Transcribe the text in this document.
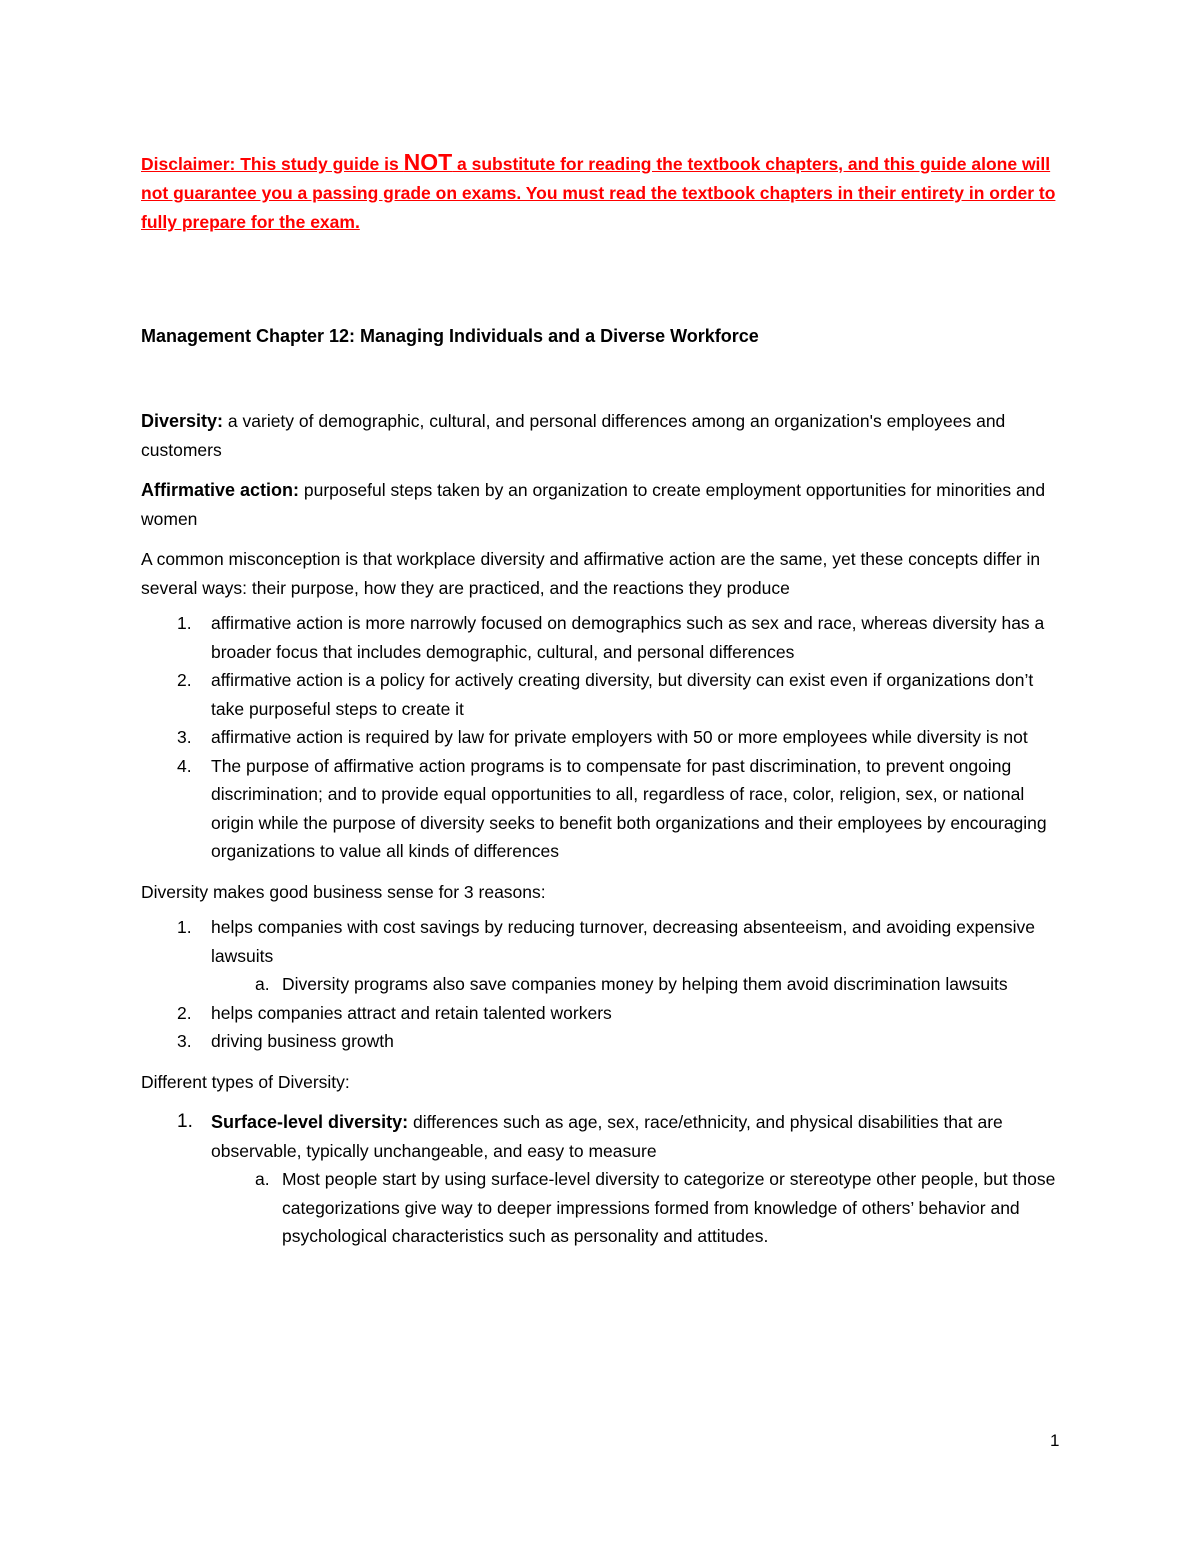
Disclaimer: This study guide is NOT a substitute for reading the textbook chapters, and this guide alone will not guarantee you a passing grade on exams. You must read the textbook chapters in their entirety in order to fully prepare for the exam.

Management Chapter 12: Managing Individuals and a Diverse Workforce

Diversity: a variety of demographic, cultural, and personal differences among an organization's employees and customers

Affirmative action: purposeful steps taken by an organization to create employment opportunities for minorities and women

A common misconception is that workplace diversity and affirmative action are the same, yet these concepts differ in several ways: their purpose, how they are practiced, and the reactions they produce

1. affirmative action is more narrowly focused on demographics such as sex and race, whereas diversity has a broader focus that includes demographic, cultural, and personal differences
2. affirmative action is a policy for actively creating diversity, but diversity can exist even if organizations don’t take purposeful steps to create it
3. affirmative action is required by law for private employers with 50 or more employees while diversity is not
4. The purpose of affirmative action programs is to compensate for past discrimination, to prevent ongoing discrimination; and to provide equal opportunities to all, regardless of race, color, religion, sex, or national origin while the purpose of diversity seeks to benefit both organizations and their employees by encouraging organizations to value all kinds of differences

Diversity makes good business sense for 3 reasons:

1. helps companies with cost savings by reducing turnover, decreasing absenteeism, and avoiding expensive lawsuits
a. Diversity programs also save companies money by helping them avoid discrimination lawsuits
2. helps companies attract and retain talented workers
3. driving business growth

Different types of Diversity:

1. Surface-level diversity: differences such as age, sex, race/ethnicity, and physical disabilities that are observable, typically unchangeable, and easy to measure
a. Most people start by using surface-level diversity to categorize or stereotype other people, but those categorizations give way to deeper impressions formed from knowledge of others’ behavior and psychological characteristics such as personality and attitudes.
1
